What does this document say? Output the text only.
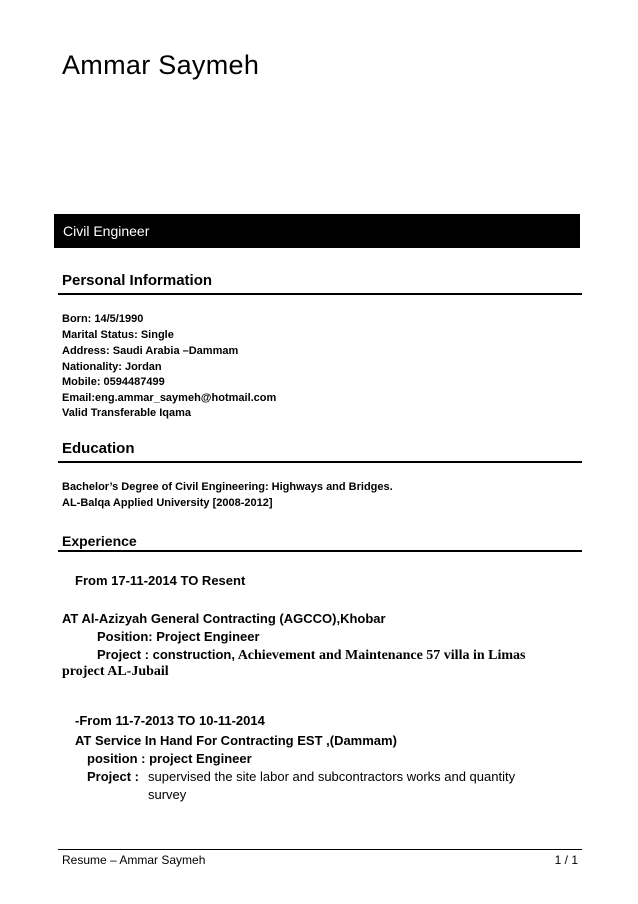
Ammar Saymeh
Civil Engineer
Personal Information
Born: 14/5/1990
Marital Status: Single
Address: Saudi Arabia –Dammam
Nationality: Jordan
Mobile: 0594487499
Email:eng.ammar_saymeh@hotmail.com
Valid Transferable Iqama
Education
Bachelor’s Degree of Civil Engineering: Highways and Bridges.
AL-Balqa Applied University [2008-2012]
Experience
From 17-11-2014 TO Resent
AT Al-Azizyah General Contracting (AGCCO),Khobar
Position: Project Engineer
Project : construction, Achievement and Maintenance 57 villa in Limas
project AL-Jubail
-From 11-7-2013 TO 10-11-2014
AT Service In Hand For Contracting EST ,(Dammam)
position : project Engineer
Project : supervised the site labor and subcontractors works and quantity
survey
Resume – Ammar Saymeh	1 / 1
